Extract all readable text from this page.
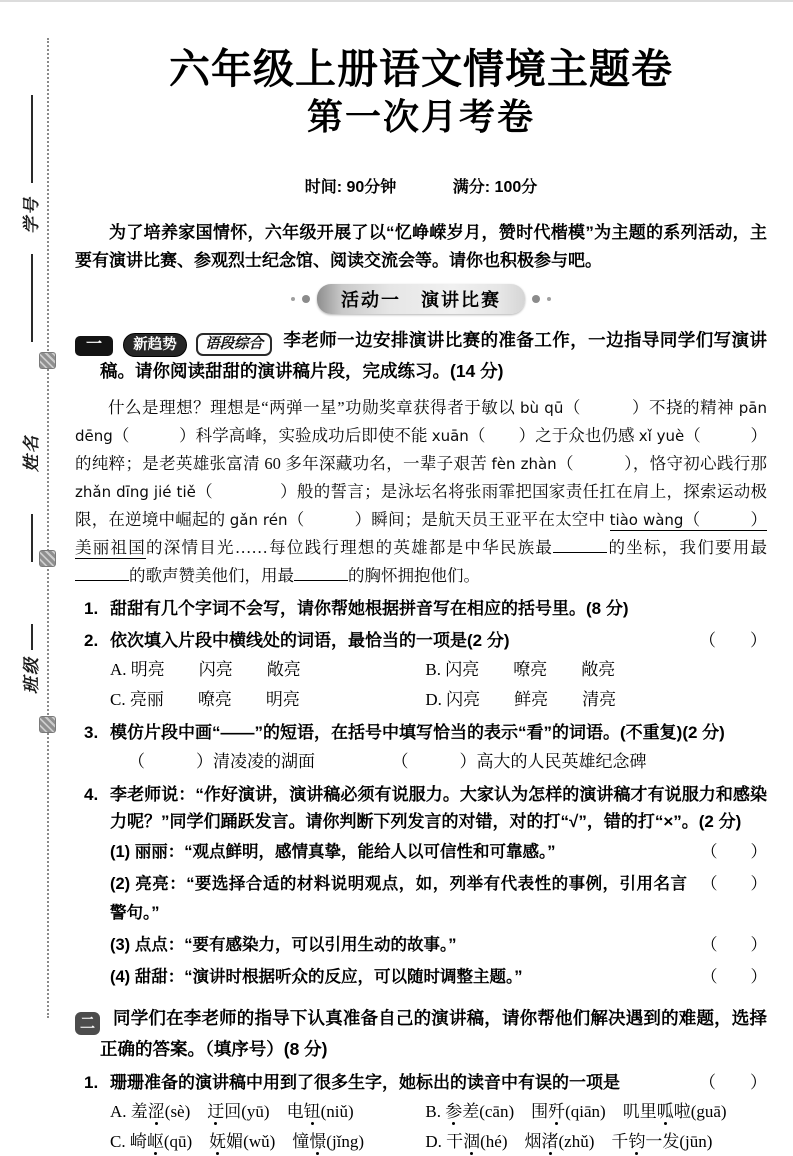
学号
姓名
班级
六年级上册语文情境主题卷
第一次月考卷
时间: 90分钟	满分: 100分

为了培养家国情怀，六年级开展了以“忆峥嵘岁月，赞时代楷模”为主题的系列活动，主要有演讲比赛、参观烈士纪念馆、阅读交流会等。请你也积极参与吧。

活动一　演讲比赛
一 新趋势 语段综合 李老师一边安排演讲比赛的准备工作，一边指导同学们写演讲稿。请你阅读甜甜的演讲稿片段，完成练习。(14 分)
什么是理想？理想是“两弹一星”功勋奖章获得者于敏以 bù qū（　　　）不挠的精神 pān dēng（　　　）科学高峰，实验成功后即使不能 xuān（　　）之于众也仍感 xǐ yuè（　　　）的纯粹；是老英雄张富清 60 多年深藏功名，一辈子艰苦 fèn zhàn（　　　），恪守初心践行那 zhǎn dīng jié tiě（　　　　）般的誓言；是泳坛名将张雨霏把国家责任扛在肩上，探索运动极限，在逆境中崛起的 gǎn rén（　　　）瞬间；是航天员王亚平在太空中 tiào wàng（　　　）美丽祖国的深情目光……每位践行理想的英雄都是中华民族最	的坐标，我们要用最的歌声赞美他们，用最	的胸怀拥抱他们。
1. 甜甜有几个字词不会写，请你帮她根据拼音写在相应的括号里。(8 分)
2. 依次填入片段中横线处的词语，最恰当的一项是(2 分)	（　　）
A. 明亮　　闪亮　　敞亮	B. 闪亮　　嘹亮　　敞亮
C. 亮丽　　嘹亮　　明亮	D. 闪亮　　鲜亮　　清亮
3. 模仿片段中画“——”的短语，在括号中填写恰当的表示“看”的词语。(不重复)(2 分)
（　　　）清凌凌的湖面　　　　　（　　　）高大的人民英雄纪念碑
4. 李老师说：“作好演讲，演讲稿必须有说服力。大家认为怎样的演讲稿才有说服力和感染力呢？”同学们踊跃发言。请你判断下列发言的对错，对的打“√”，错的打“×”。(2 分)
(1) 丽丽：“观点鲜明，感情真挚，能给人以可信性和可靠感。”	（　　）
(2) 亮亮：“要选择合适的材料说明观点，如，列举有代表性的事例，引用名言警句。”
（　　）
(3) 点点：“要有感染力，可以引用生动的故事。”	（　　）
(4) 甜甜：“演讲时根据听众的反应，可以随时调整主题。”	（　　）
二 同学们在李老师的指导下认真准备自己的演讲稿，请你帮他们解决遇到的难题，选择正确的答案。（填序号）(8 分)
1. 珊珊准备的演讲稿中用到了很多生字，她标出的读音中有误的一项是	（　　）
A. 羞涩(sè)　迂回(yū)　电钮(niǔ)	B. 参差(cān)　围歼(qiān)　叽里呱啦(guā)
C. 崎岖(qū)　妩媚(wǔ)　憧憬(jǐng)	D. 干涸(hé)　烟渚(zhǔ)　千钧一发(jūn)
